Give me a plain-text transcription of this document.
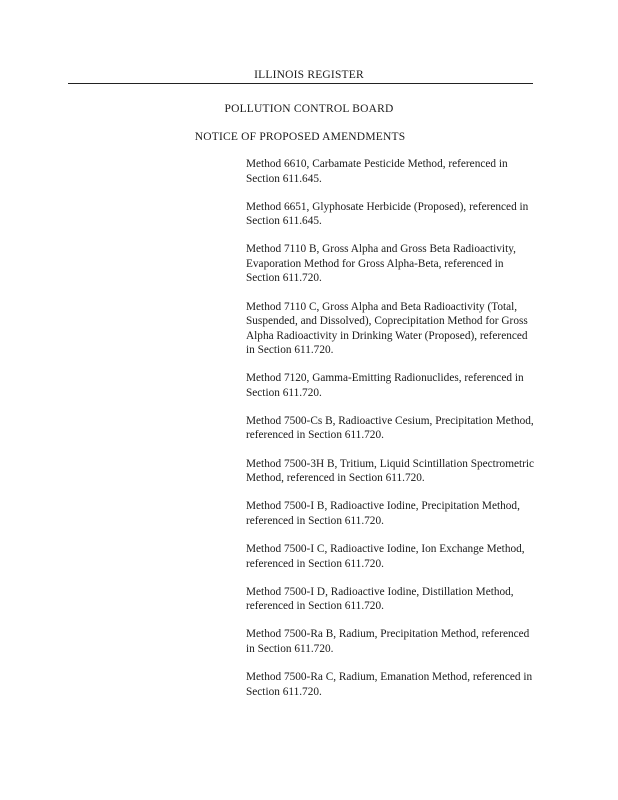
ILLINOIS REGISTER
POLLUTION CONTROL BOARD
NOTICE OF PROPOSED AMENDMENTS
Method 6610, Carbamate Pesticide Method, referenced in Section 611.645.
Method 6651, Glyphosate Herbicide (Proposed), referenced in Section 611.645.
Method 7110 B, Gross Alpha and Gross Beta Radioactivity, Evaporation Method for Gross Alpha-Beta, referenced in Section 611.720.
Method 7110 C, Gross Alpha and Beta Radioactivity (Total, Suspended, and Dissolved), Coprecipitation Method for Gross Alpha Radioactivity in Drinking Water (Proposed), referenced in Section 611.720.
Method 7120, Gamma-Emitting Radionuclides, referenced in Section 611.720.
Method 7500-Cs B, Radioactive Cesium, Precipitation Method, referenced in Section 611.720.
Method 7500-3H B, Tritium, Liquid Scintillation Spectrometric Method, referenced in Section 611.720.
Method 7500-I B, Radioactive Iodine, Precipitation Method, referenced in Section 611.720.
Method 7500-I C, Radioactive Iodine, Ion Exchange Method, referenced in Section 611.720.
Method 7500-I D, Radioactive Iodine, Distillation Method, referenced in Section 611.720.
Method 7500-Ra B, Radium, Precipitation Method, referenced in Section 611.720.
Method 7500-Ra C, Radium, Emanation Method, referenced in Section 611.720.
